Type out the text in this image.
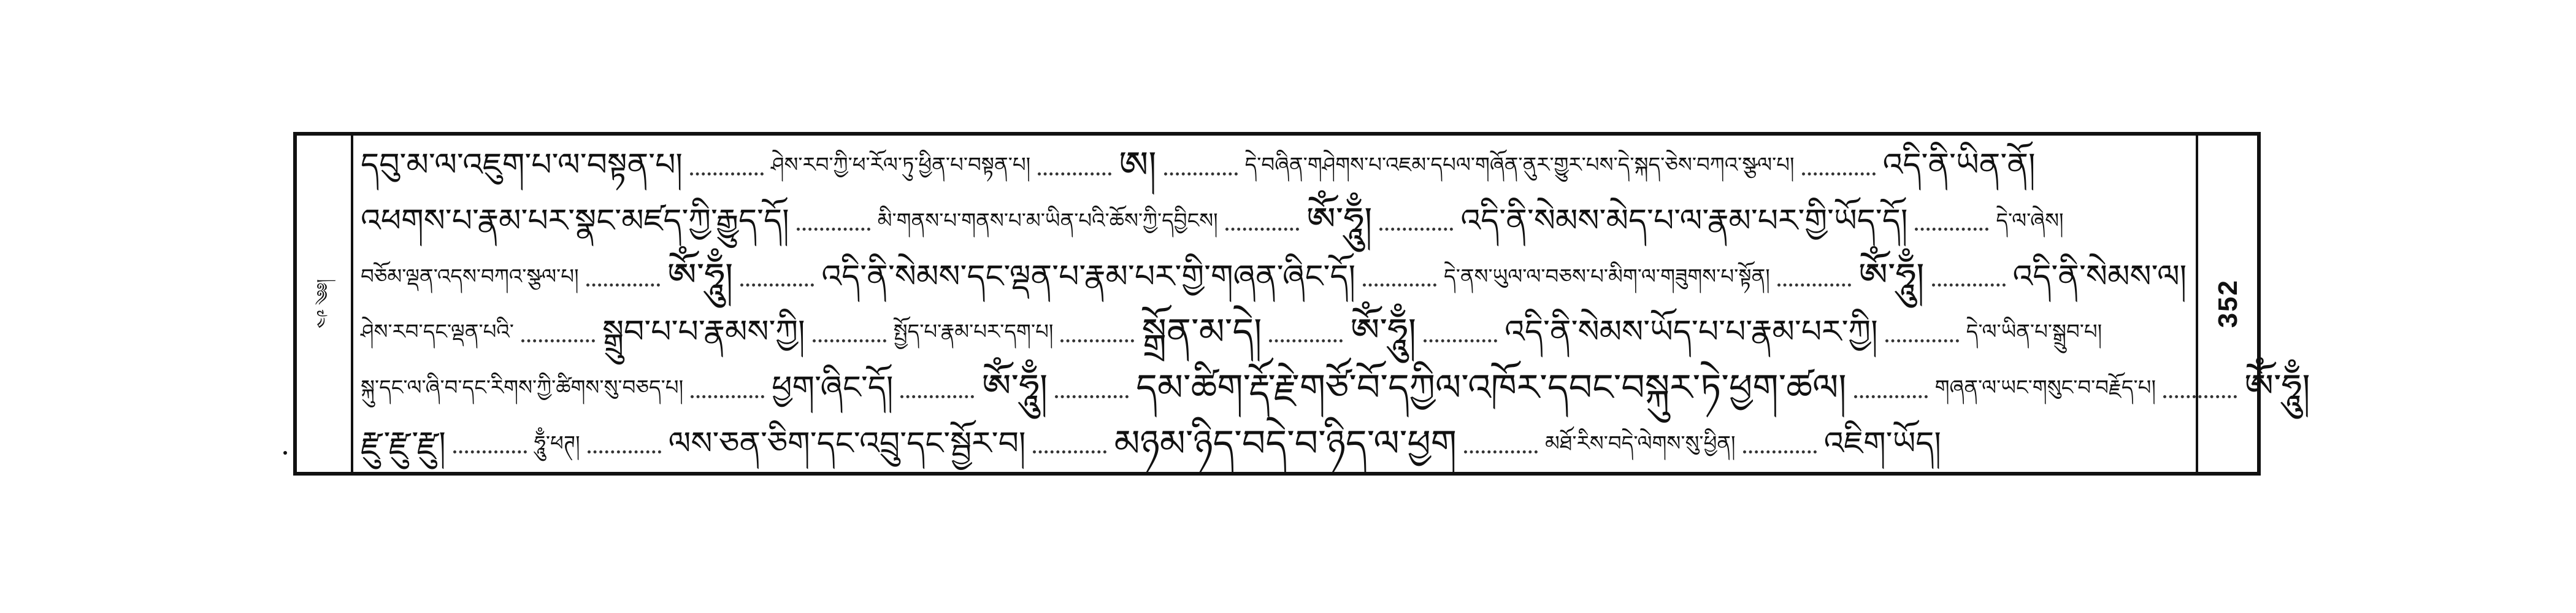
༄༅།
༤༩	352
དབུ་མ་ལ་འཇུག་པ་ལ་བསྟན་པ།	ཤེས་རབ་ཀྱི་ཕ་རོལ་ཏུ་ཕྱིན་པ་བསྟན་པ། ཨ།	དེ་བཞིན་གཤེགས་པ་འཇམ་དཔལ་གཞོན་ནུར་གྱུར་པས་དེ་སྐད་ཅེས་བཀའ་སྩལ་པ།	འདི་ནི་ཡིན་ནོ།
འཕགས་པ་རྣམ་པར་སྣང་མཛད་ཀྱི་རྒྱུད་དོ།	མི་གནས་པ་གནས་པ་མ་ཡིན་པའི་ཆོས་ཀྱི་དབྱིངས། ཨོཾ་ཧཱུྃ།	འདི་ནི་སེམས་མེད་པ་ལ་རྣམ་པར་གྱི་ཡོད་དོ།	དེ་ལ་ཞེས།
བཅོམ་ལྡན་འདས་བཀའ་སྩལ་པ། ཨོཾ་ཧཱུྃ།	འདི་ནི་སེམས་དང་ལྡན་པ་རྣམ་པར་གྱི་གཞན་ཞིང་དོ།	དེ་ནས་ཡུལ་ལ་བཅས་པ་མིག་ལ་གཟུགས་པ་སྟོན། ཨོཾ་ཧཱུྃ།	འདི་ནི་སེམས་ལ།
ཤེས་རབ་དང་ལྡན་པའི་	སྒྲུབ་པ་པ་རྣམས་ཀྱི།	སྤྱོད་པ་རྣམ་པར་དག་པ། སྒྲོན་མ་དེ། ཨོཾ་ཧཱུྃ།	འདི་ནི་སེམས་ཡོད་པ་པ་རྣམ་པར་ཀྱི།	དེ་ལ་ཡིན་པ་སྒྲུབ་པ།
སྐུ་དང་ལ་ཞི་བ་དང་རིགས་ཀྱི་ཚིགས་སུ་བཅད་པ།	ཕྱག་ཞིང་དོ། ཨོཾ་ཧཱུྃ། དམ་ཚིག་རྡོ་རྗེ་གཙོ་བོ་དཀྱིལ་འཁོར་དབང་བསྐུར་ཏེ་ཕྱག་ཚལ།	གཞན་ལ་ཡང་གསུང་བ་བརྗོད་པ། ཨོཾ་ཧཱུྃ།
རྫུ་རྫུ་རྫུ།	ཧཱུྃ་ཕཊ།	ལས་ཅན་ཅིག་དང་འབྲུ་དང་སྦྱོར་བ། མཉམ་ཉིད་བདེ་བ་ཉིད་ལ་ཕྱག	མཐོ་རིས་བདེ་ལེགས་སུ་ཕྱིན།	འཇིག་ཡོད།
